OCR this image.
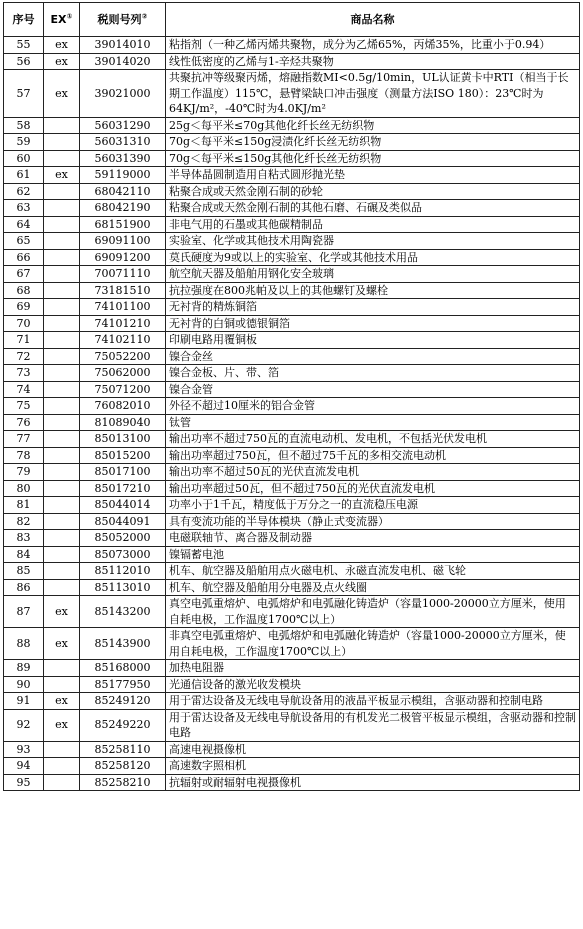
序号	EX①	税则号列②	商品名称
55	ex	39014010	粘指剂（一种乙烯丙烯共聚物，成分为乙烯65%，丙烯35%，比重小于0.94）
56	ex	39014020	线性低密度的乙烯与1-辛烃共聚物
57	ex	39021000	共聚抗冲等级聚丙烯，熔融指数MI<0.5g/10min，UL认证黄卡中RTI（相当于长期工作温度）115℃，悬臂梁缺口冲击强度（测量方法ISO 180）：23℃时为64KJ/m²，-40℃时为4.0KJ/m²
58		56031290	25g＜每平米≤70g其他化纤长丝无纺织物
59		56031310	70g＜每平米≤150g浸渍化纤长丝无纺织物
60		56031390	70g＜每平米≤150g其他化纤长丝无纺织物
61	ex	59119000	半导体晶圆制造用自粘式圆形抛光垫
62		68042110	粘聚合成或天然金刚石制的砂轮
63		68042190	粘聚合成或天然金刚石制的其他石磨、石碾及类似品
64		68151900	非电气用的石墨或其他碳精制品
65		69091100	实验室、化学或其他技术用陶瓷器
66		69091200	莫氏硬度为9或以上的实验室、化学或其他技术用品
67		70071110	航空航天器及船舶用钢化安全玻璃
68		73181510	抗拉强度在800兆帕及以上的其他螺钉及螺栓
69		74101100	无衬背的精炼铜箔
70		74101210	无衬背的白铜或德银铜箔
71		74102110	印刷电路用覆铜板
72		75052200	镍合金丝
73		75062000	镍合金板、片、带、箔
74		75071200	镍合金管
75		76082010	外径不超过10厘米的铝合金管
76		81089040	钛管
77		85013100	输出功率不超过750瓦的直流电动机、发电机，不包括光伏发电机
78		85015200	输出功率超过750瓦，但不超过75千瓦的多相交流电动机
79		85017100	输出功率不超过50瓦的光伏直流发电机
80		85017210	输出功率超过50瓦，但不超过750瓦的光伏直流发电机
81		85044014	功率小于1千瓦，精度低于万分之一的直流稳压电源
82		85044091	具有变流功能的半导体模块（静止式变流器）
83		85052000	电磁联轴节、离合器及制动器
84		85073000	镍镉蓄电池
85		85112010	机车、航空器及船舶用点火磁电机、永磁直流发电机、磁飞轮
86		85113010	机车、航空器及船舶用分电器及点火线圈
87	ex	85143200	真空电弧重熔炉、电弧熔炉和电弧融化铸造炉（容量1000-20000立方厘米，使用自耗电极，工作温度1700℃以上）
88	ex	85143900	非真空电弧重熔炉、电弧熔炉和电弧融化铸造炉（容量1000-20000立方厘米，使用自耗电极，工作温度1700℃以上）
89		85168000	加热电阻器
90		85177950	光通信设备的激光收发模块
91	ex	85249120	用于雷达设备及无线电导航设备用的液晶平板显示模组，含驱动器和控制电路
92	ex	85249220	用于雷达设备及无线电导航设备用的有机发光二极管平板显示模组，含驱动器和控制电路
93		85258110	高速电视摄像机
94		85258120	高速数字照相机
95		85258210	抗辐射或耐辐射电视摄像机
